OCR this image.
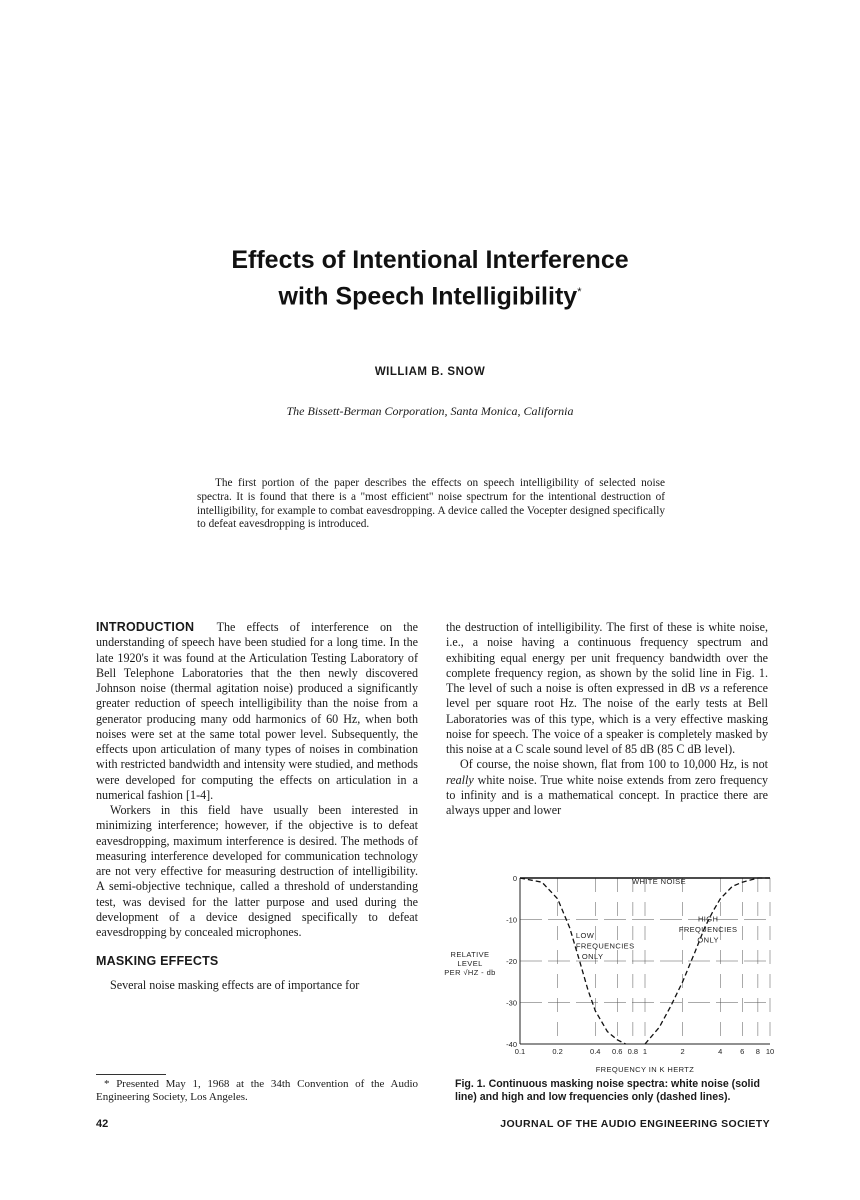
Effects of Intentional Interference
with Speech Intelligibility*
WILLIAM B. SNOW
The Bissett-Berman Corporation, Santa Monica, California
The first portion of the paper describes the effects on speech intelligibility of selected noise spectra. It is found that there is a "most efficient" noise spectrum for the intentional destruction of intelligibility, for example to combat eavesdropping. A device called the Vocepter designed specifically to defeat eavesdropping is introduced.

INTRODUCTION The effects of interference on the understanding of speech have been studied for a long time. In the late 1920's it was found at the Articulation Testing Laboratory of Bell Telephone Laboratories that the then newly discovered Johnson noise (thermal agitation noise) produced a significantly greater reduction of speech intelligibility than the noise from a generator producing many odd harmonics of 60 Hz, when both noises were set at the same total power level. Subsequently, the effects upon articulation of many types of noises in combination with restricted bandwidth and intensity were studied, and methods were developed for computing the effects on articulation in a numerical fashion [1-4].

Workers in this field have usually been interested in minimizing interference; however, if the objective is to defeat eavesdropping, maximum interference is desired. The methods of measuring interference developed for communication technology are not very effective for measuring destruction of intelligibility. A semi-objective technique, called a threshold of understanding test, was devised for the latter purpose and used during the development of a device designed specifically to defeat eavesdropping by concealed microphones.

MASKING EFFECTS

Several noise masking effects are of importance for

the destruction of intelligibility. The first of these is white noise, i.e., a noise having a continuous frequency spectrum and exhibiting equal energy per unit frequency bandwidth over the complete frequency region, as shown by the solid line in Fig. 1. The level of such a noise is often expressed in dB vs a reference level per square root Hz. The noise of the early tests at Bell Laboratories was of this type, which is a very effective masking noise for speech. The voice of a speaker is completely masked by this noise at a C scale sound level of 85 dB (85 C dB level).

Of course, the noise shown, flat from 100 to 10,000 Hz, is not really white noise. True white noise extends from zero frequency to infinity and is a mathematical concept. In practice there are always upper and lower

0.1	0.2	0.4 0.6 0.8 1	2	4 6 8 10
0
-10
-20
-30
-40
WHITE NOISE
HIGH
FREQUENCIES
ONLY
LOW
FREQUENCIES
ONLY
RELATIVE
LEVEL
PER √HZ - db
FREQUENCY IN K HERTZ
* Presented May 1, 1968 at the 34th Convention of the Audio Engineering Society, Los Angeles.
Fig. 1. Continuous masking noise spectra: white noise (solid line) and high and low frequencies only (dashed lines).
42	JOURNAL OF THE AUDIO ENGINEERING SOCIETY
